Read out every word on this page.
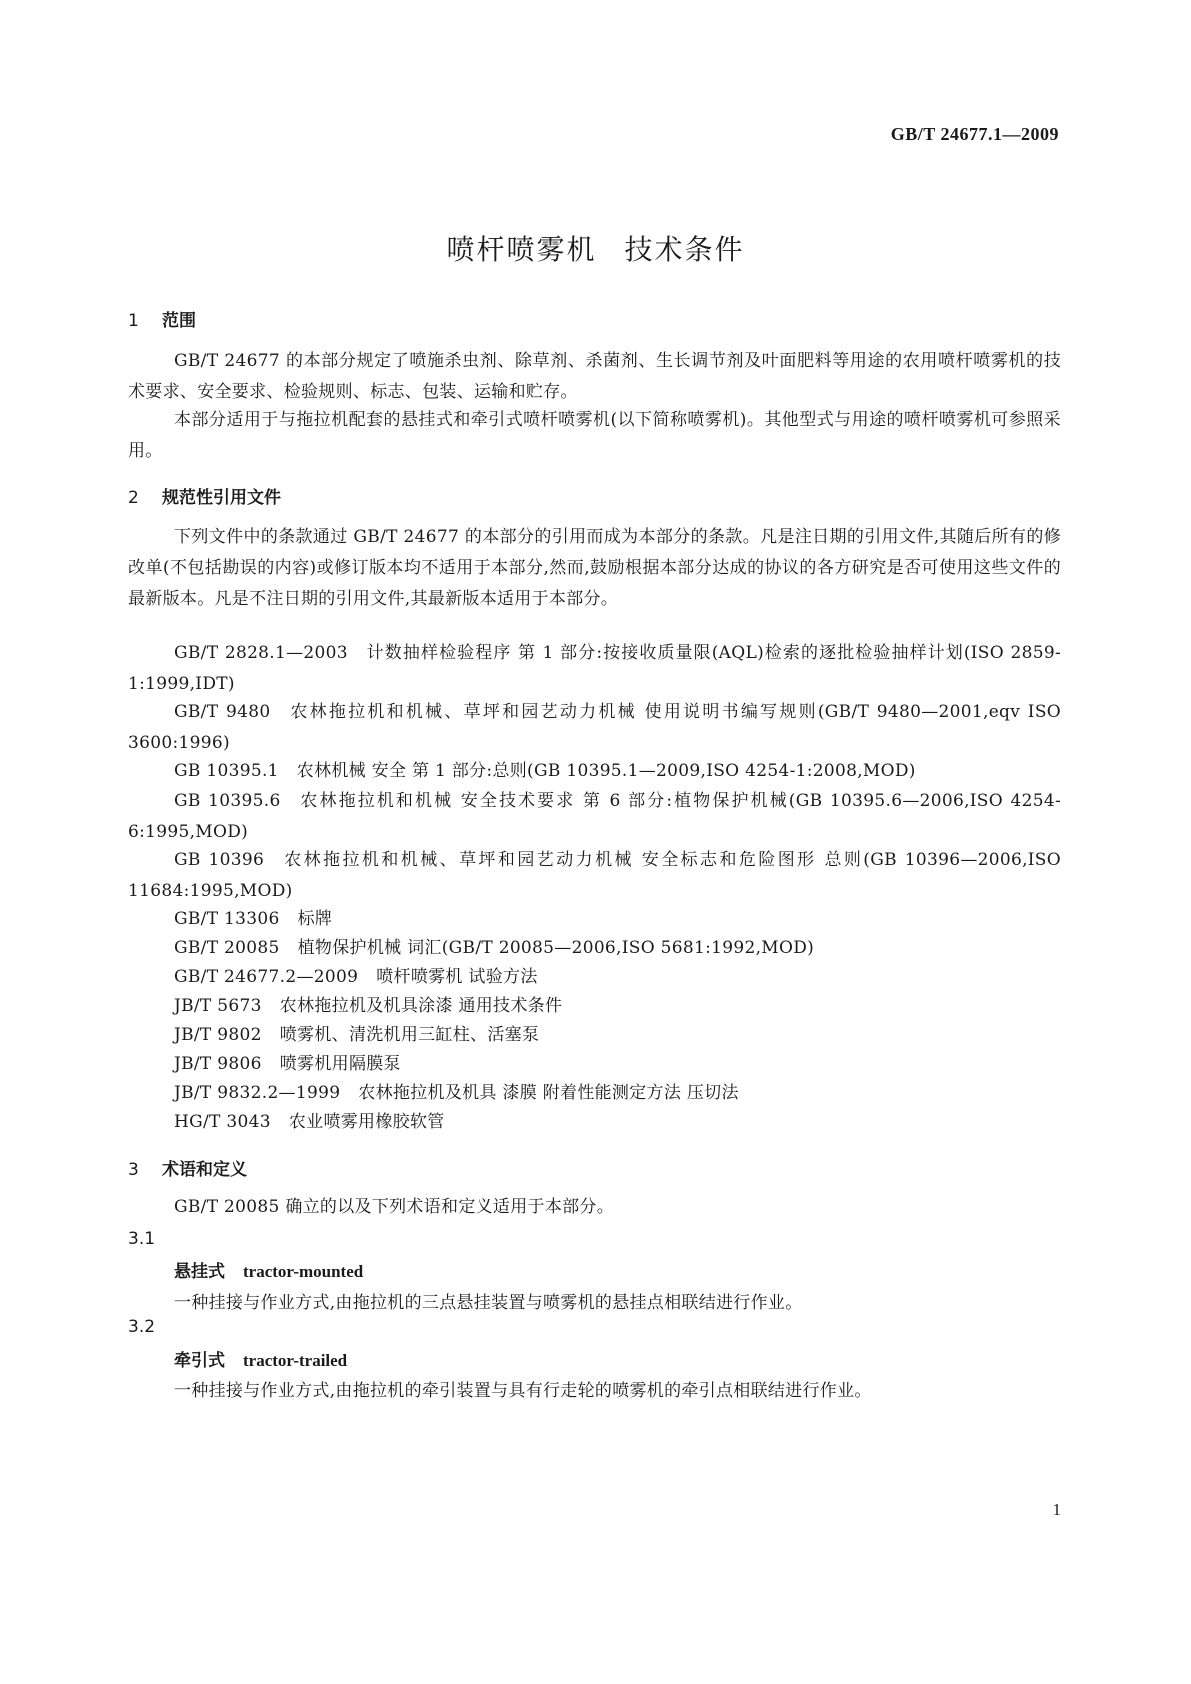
GB/T 24677.1—2009
喷杆喷雾机 技术条件
1 范围
GB/T 24677 的本部分规定了喷施杀虫剂、除草剂、杀菌剂、生长调节剂及叶面肥料等用途的农用喷杆喷雾机的技术要求、安全要求、检验规则、标志、包装、运输和贮存。
本部分适用于与拖拉机配套的悬挂式和牵引式喷杆喷雾机(以下简称喷雾机)。其他型式与用途的喷杆喷雾机可参照采用。
2 规范性引用文件
下列文件中的条款通过 GB/T 24677 的本部分的引用而成为本部分的条款。凡是注日期的引用文件,其随后所有的修改单(不包括勘误的内容)或修订版本均不适用于本部分,然而,鼓励根据本部分达成的协议的各方研究是否可使用这些文件的最新版本。凡是不注日期的引用文件,其最新版本适用于本部分。
GB/T 2828.1—2003 计数抽样检验程序 第 1 部分:按接收质量限(AQL)检索的逐批检验抽样计划(ISO 2859-1:1999,IDT)
GB/T 9480 农林拖拉机和机械、草坪和园艺动力机械 使用说明书编写规则(GB/T 9480—2001,eqv ISO 3600:1996)
GB 10395.1 农林机械 安全 第 1 部分:总则(GB 10395.1—2009,ISO 4254-1:2008,MOD)
GB 10395.6 农林拖拉机和机械 安全技术要求 第 6 部分:植物保护机械(GB 10395.6—2006,ISO 4254-6:1995,MOD)
GB 10396 农林拖拉机和机械、草坪和园艺动力机械 安全标志和危险图形 总则(GB 10396—2006,ISO 11684:1995,MOD)
GB/T 13306 标牌
GB/T 20085 植物保护机械 词汇(GB/T 20085—2006,ISO 5681:1992,MOD)
GB/T 24677.2—2009 喷杆喷雾机 试验方法
JB/T 5673 农林拖拉机及机具涂漆 通用技术条件
JB/T 9802 喷雾机、清洗机用三缸柱、活塞泵
JB/T 9806 喷雾机用隔膜泵
JB/T 9832.2—1999 农林拖拉机及机具 漆膜 附着性能测定方法 压切法
HG/T 3043 农业喷雾用橡胶软管
3 术语和定义
GB/T 20085 确立的以及下列术语和定义适用于本部分。
3.1
悬挂式 tractor-mounted
一种挂接与作业方式,由拖拉机的三点悬挂装置与喷雾机的悬挂点相联结进行作业。
3.2
牵引式 tractor-trailed
一种挂接与作业方式,由拖拉机的牵引装置与具有行走轮的喷雾机的牵引点相联结进行作业。
1
